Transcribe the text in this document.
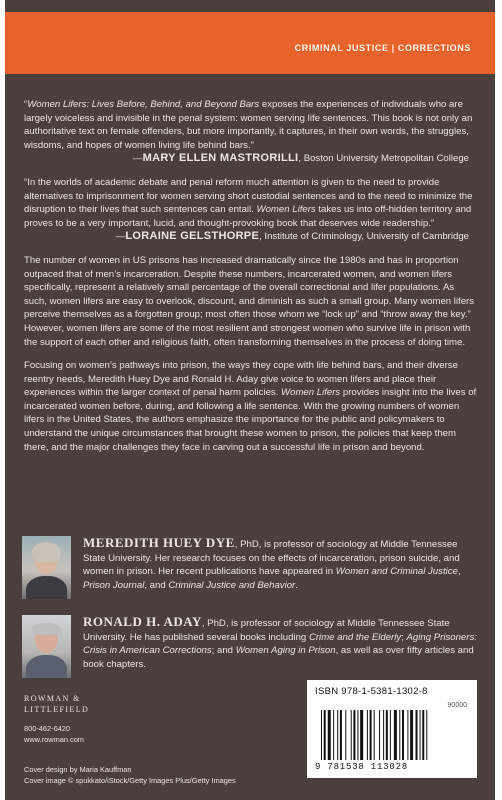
CRIMINAL JUSTICE | CORRECTIONS

“Women Lifers: Lives Before, Behind, and Beyond Bars exposes the experiences of individuals who are largely voiceless and invisible in the penal system: women serving life sentences. This book is not only an authoritative text on female offenders, but more importantly, it captures, in their own words, the struggles, wisdoms, and hopes of women living life behind bars.”

—MARY ELLEN MASTRORILLI, Boston University Metropolitan College

“In the worlds of academic debate and penal reform much attention is given to the need to provide alternatives to imprisonment for women serving short custodial sentences and to the need to minimize the disruption to their lives that such sentences can entail. Women Lifers takes us into off-hidden territory and proves to be a very important, lucid, and thought-provoking book that deserves wide readership.”

—LORAINE GELSTHORPE, Institute of Criminology, University of Cambridge

The number of women in US prisons has increased dramatically since the 1980s and has in proportion outpaced that of men’s incarceration. Despite these numbers, incarcerated women, and women lifers specifically, represent a relatively small percentage of the overall correctional and lifer populations. As such, women lifers are easy to overlook, discount, and diminish as such a small group. Many women lifers perceive themselves as a forgotten group; most often those whom we “lock up” and “throw away the key.” However, women lifers are some of the most resilient and strongest women who survive life in prison with the support of each other and religious faith, often transforming themselves in the process of doing time.

Focusing on women’s pathways into prison, the ways they cope with life behind bars, and their diverse reentry needs, Meredith Huey Dye and Ronald H. Aday give voice to women lifers and place their experiences within the larger context of penal harm policies. Women Lifers provides insight into the lives of incarcerated women before, during, and following a life sentence. With the growing numbers of women lifers in the United States, the authors emphasize the importance for the public and policymakers to understand the unique circumstances that brought these women to prison, the policies that keep them there, and the major challenges they face in carving out a successful life in prison and beyond.

MEREDITH HUEY DYE, PhD, is professor of sociology at Middle Tennessee State University. Her research focuses on the effects of incarceration, prison suicide, and women in prison. Her recent publications have appeared in Women and Criminal Justice, Prison Journal, and Criminal Justice and Behavior.
RONALD H. ADAY, PhD, is professor of sociology at Middle Tennessee State University. He has published several books including Crime and the Elderly; Aging Prisoners: Crisis in American Corrections; and Women Aging in Prison, as well as over fifty articles and book chapters.
ROWMAN &
LITTLEFIELD
800-462-6420
www.rowman.com
Cover design by Maria Kauffman
Cover image © spukkato/iStock/Getty Images Plus/Getty Images
ISBN 978-1-5381-1302-8
90000
9 781538 113028
